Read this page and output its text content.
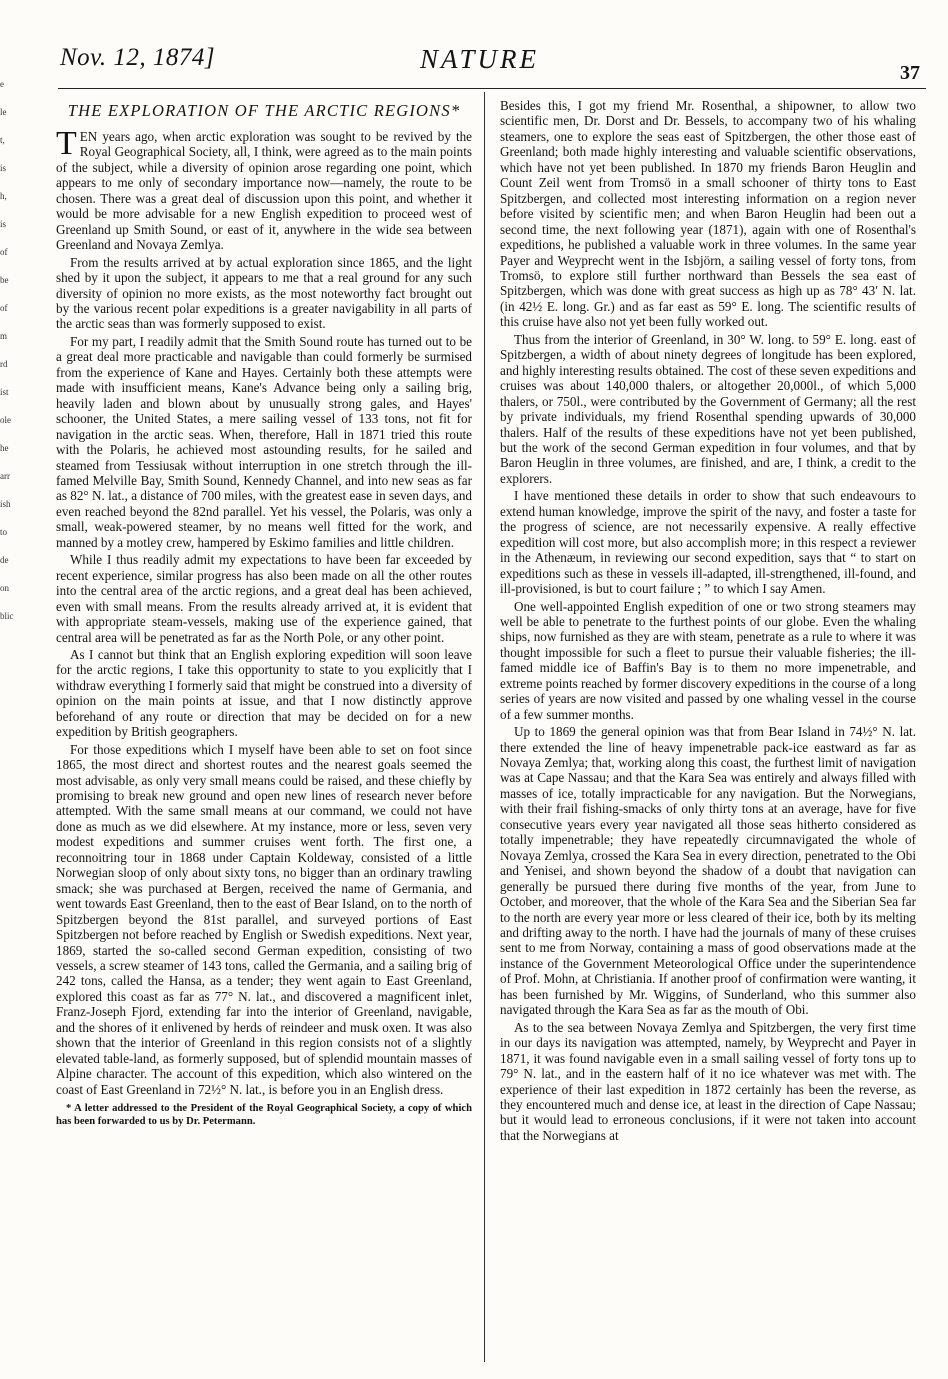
e
le
t,
is
h,
is
of
be
of
m
rd
ist
ole
he
arr
ish
to
de
on
blic
Nov. 12, 1874]	NATURE	37
THE EXPLORATION OF THE ARCTIC REGIONS*

TEN years ago, when arctic exploration was sought to be revived by the Royal Geographical Society, all, I think, were agreed as to the main points of the subject, while a diversity of opinion arose regarding one point, which appears to me only of secondary importance now—namely, the route to be chosen. There was a great deal of discussion upon this point, and whether it would be more advisable for a new English expedition to proceed west of Greenland up Smith Sound, or east of it, anywhere in the wide sea between Greenland and Novaya Zemlya.

From the results arrived at by actual exploration since 1865, and the light shed by it upon the subject, it appears to me that a real ground for any such diversity of opinion no more exists, as the most noteworthy fact brought out by the various recent polar expeditions is a greater navigability in all parts of the arctic seas than was formerly supposed to exist.

For my part, I readily admit that the Smith Sound route has turned out to be a great deal more practicable and navigable than could formerly be surmised from the experience of Kane and Hayes. Certainly both these attempts were made with insufficient means, Kane's Advance being only a sailing brig, heavily laden and blown about by unusually strong gales, and Hayes' schooner, the United States, a mere sailing vessel of 133 tons, not fit for navigation in the arctic seas. When, therefore, Hall in 1871 tried this route with the Polaris, he achieved most astounding results, for he sailed and steamed from Tessiusak without interruption in one stretch through the ill-famed Melville Bay, Smith Sound, Kennedy Channel, and into new seas as far as 82° N. lat., a distance of 700 miles, with the greatest ease in seven days, and even reached beyond the 82nd parallel. Yet his vessel, the Polaris, was only a small, weak-powered steamer, by no means well fitted for the work, and manned by a motley crew, hampered by Eskimo families and little children.

While I thus readily admit my expectations to have been far exceeded by recent experience, similar progress has also been made on all the other routes into the central area of the arctic regions, and a great deal has been achieved, even with small means. From the results already arrived at, it is evident that with appropriate steam-vessels, making use of the experience gained, that central area will be penetrated as far as the North Pole, or any other point.

As I cannot but think that an English exploring expedition will soon leave for the arctic regions, I take this opportunity to state to you explicitly that I withdraw everything I formerly said that might be construed into a diversity of opinion on the main points at issue, and that I now distinctly approve beforehand of any route or direction that may be decided on for a new expedition by British geographers.

For those expeditions which I myself have been able to set on foot since 1865, the most direct and shortest routes and the nearest goals seemed the most advisable, as only very small means could be raised, and these chiefly by promising to break new ground and open new lines of research never before attempted. With the same small means at our command, we could not have done as much as we did elsewhere. At my instance, more or less, seven very modest expeditions and summer cruises went forth. The first one, a reconnoitring tour in 1868 under Captain Koldeway, consisted of a little Norwegian sloop of only about sixty tons, no bigger than an ordinary trawling smack; she was purchased at Bergen, received the name of Germania, and went towards East Greenland, then to the east of Bear Island, on to the north of Spitzbergen beyond the 81st parallel, and surveyed portions of East Spitzbergen not before reached by English or Swedish expeditions. Next year, 1869, started the so-called second German expedition, consisting of two vessels, a screw steamer of 143 tons, called the Germania, and a sailing brig of 242 tons, called the Hansa, as a tender; they went again to East Greenland, explored this coast as far as 77° N. lat., and discovered a magnificent inlet, Franz-Joseph Fjord, extending far into the interior of Greenland, navigable, and the shores of it enlivened by herds of reindeer and musk oxen. It was also shown that the interior of Greenland in this region consists not of a slightly elevated table-land, as formerly supposed, but of splendid mountain masses of Alpine character. The account of this expedition, which also wintered on the coast of East Greenland in 72½° N. lat., is before you in an English dress.

* A letter addressed to the President of the Royal Geographical Society, a copy of which has been forwarded to us by Dr. Petermann.

Besides this, I got my friend Mr. Rosenthal, a shipowner, to allow two scientific men, Dr. Dorst and Dr. Bessels, to accompany two of his whaling steamers, one to explore the seas east of Spitzbergen, the other those east of Greenland; both made highly interesting and valuable scientific observations, which have not yet been published. In 1870 my friends Baron Heuglin and Count Zeil went from Tromsö in a small schooner of thirty tons to East Spitzbergen, and collected most interesting information on a region never before visited by scientific men; and when Baron Heuglin had been out a second time, the next following year (1871), again with one of Rosenthal's expeditions, he published a valuable work in three volumes. In the same year Payer and Weyprecht went in the Isbjörn, a sailing vessel of forty tons, from Tromsö, to explore still further northward than Bessels the sea east of Spitzbergen, which was done with great success as high up as 78° 43′ N. lat. (in 42½ E. long. Gr.) and as far east as 59° E. long. The scientific results of this cruise have also not yet been fully worked out.

Thus from the interior of Greenland, in 30° W. long. to 59° E. long. east of Spitzbergen, a width of about ninety degrees of longitude has been explored, and highly interesting results obtained. The cost of these seven expeditions and cruises was about 140,000 thalers, or altogether 20,000l., of which 5,000 thalers, or 750l., were contributed by the Government of Germany; all the rest by private individuals, my friend Rosenthal spending upwards of 30,000 thalers. Half of the results of these expeditions have not yet been published, but the work of the second German expedition in four volumes, and that by Baron Heuglin in three volumes, are finished, and are, I think, a credit to the explorers.

I have mentioned these details in order to show that such endeavours to extend human knowledge, improve the spirit of the navy, and foster a taste for the progress of science, are not necessarily expensive. A really effective expedition will cost more, but also accomplish more; in this respect a reviewer in the Athenæum, in reviewing our second expedition, says that “ to start on expeditions such as these in vessels ill-adapted, ill-strengthened, ill-found, and ill-provisioned, is but to court failure ; ” to which I say Amen.

One well-appointed English expedition of one or two strong steamers may well be able to penetrate to the furthest points of our globe. Even the whaling ships, now furnished as they are with steam, penetrate as a rule to where it was thought impossible for such a fleet to pursue their valuable fisheries; the ill-famed middle ice of Baffin's Bay is to them no more impenetrable, and extreme points reached by former discovery expeditions in the course of a long series of years are now visited and passed by one whaling vessel in the course of a few summer months.

Up to 1869 the general opinion was that from Bear Island in 74½° N. lat. there extended the line of heavy impenetrable pack-ice eastward as far as Novaya Zemlya; that, working along this coast, the furthest limit of navigation was at Cape Nassau; and that the Kara Sea was entirely and always filled with masses of ice, totally impracticable for any navigation. But the Norwegians, with their frail fishing-smacks of only thirty tons at an average, have for five consecutive years every year navigated all those seas hitherto considered as totally impenetrable; they have repeatedly circumnavigated the whole of Novaya Zemlya, crossed the Kara Sea in every direction, penetrated to the Obi and Yenisei, and shown beyond the shadow of a doubt that navigation can generally be pursued there during five months of the year, from June to October, and moreover, that the whole of the Kara Sea and the Siberian Sea far to the north are every year more or less cleared of their ice, both by its melting and drifting away to the north. I have had the journals of many of these cruises sent to me from Norway, containing a mass of good observations made at the instance of the Government Meteorological Office under the superintendence of Prof. Mohn, at Christiania. If another proof of confirmation were wanting, it has been furnished by Mr. Wiggins, of Sunderland, who this summer also navigated through the Kara Sea as far as the mouth of Obi.

As to the sea between Novaya Zemlya and Spitzbergen, the very first time in our days its navigation was attempted, namely, by Weyprecht and Payer in 1871, it was found navigable even in a small sailing vessel of forty tons up to 79° N. lat., and in the eastern half of it no ice whatever was met with. The experience of their last expedition in 1872 certainly has been the reverse, as they encountered much and dense ice, at least in the direction of Cape Nassau; but it would lead to erroneous conclusions, if it were not taken into account that the Norwegians at
